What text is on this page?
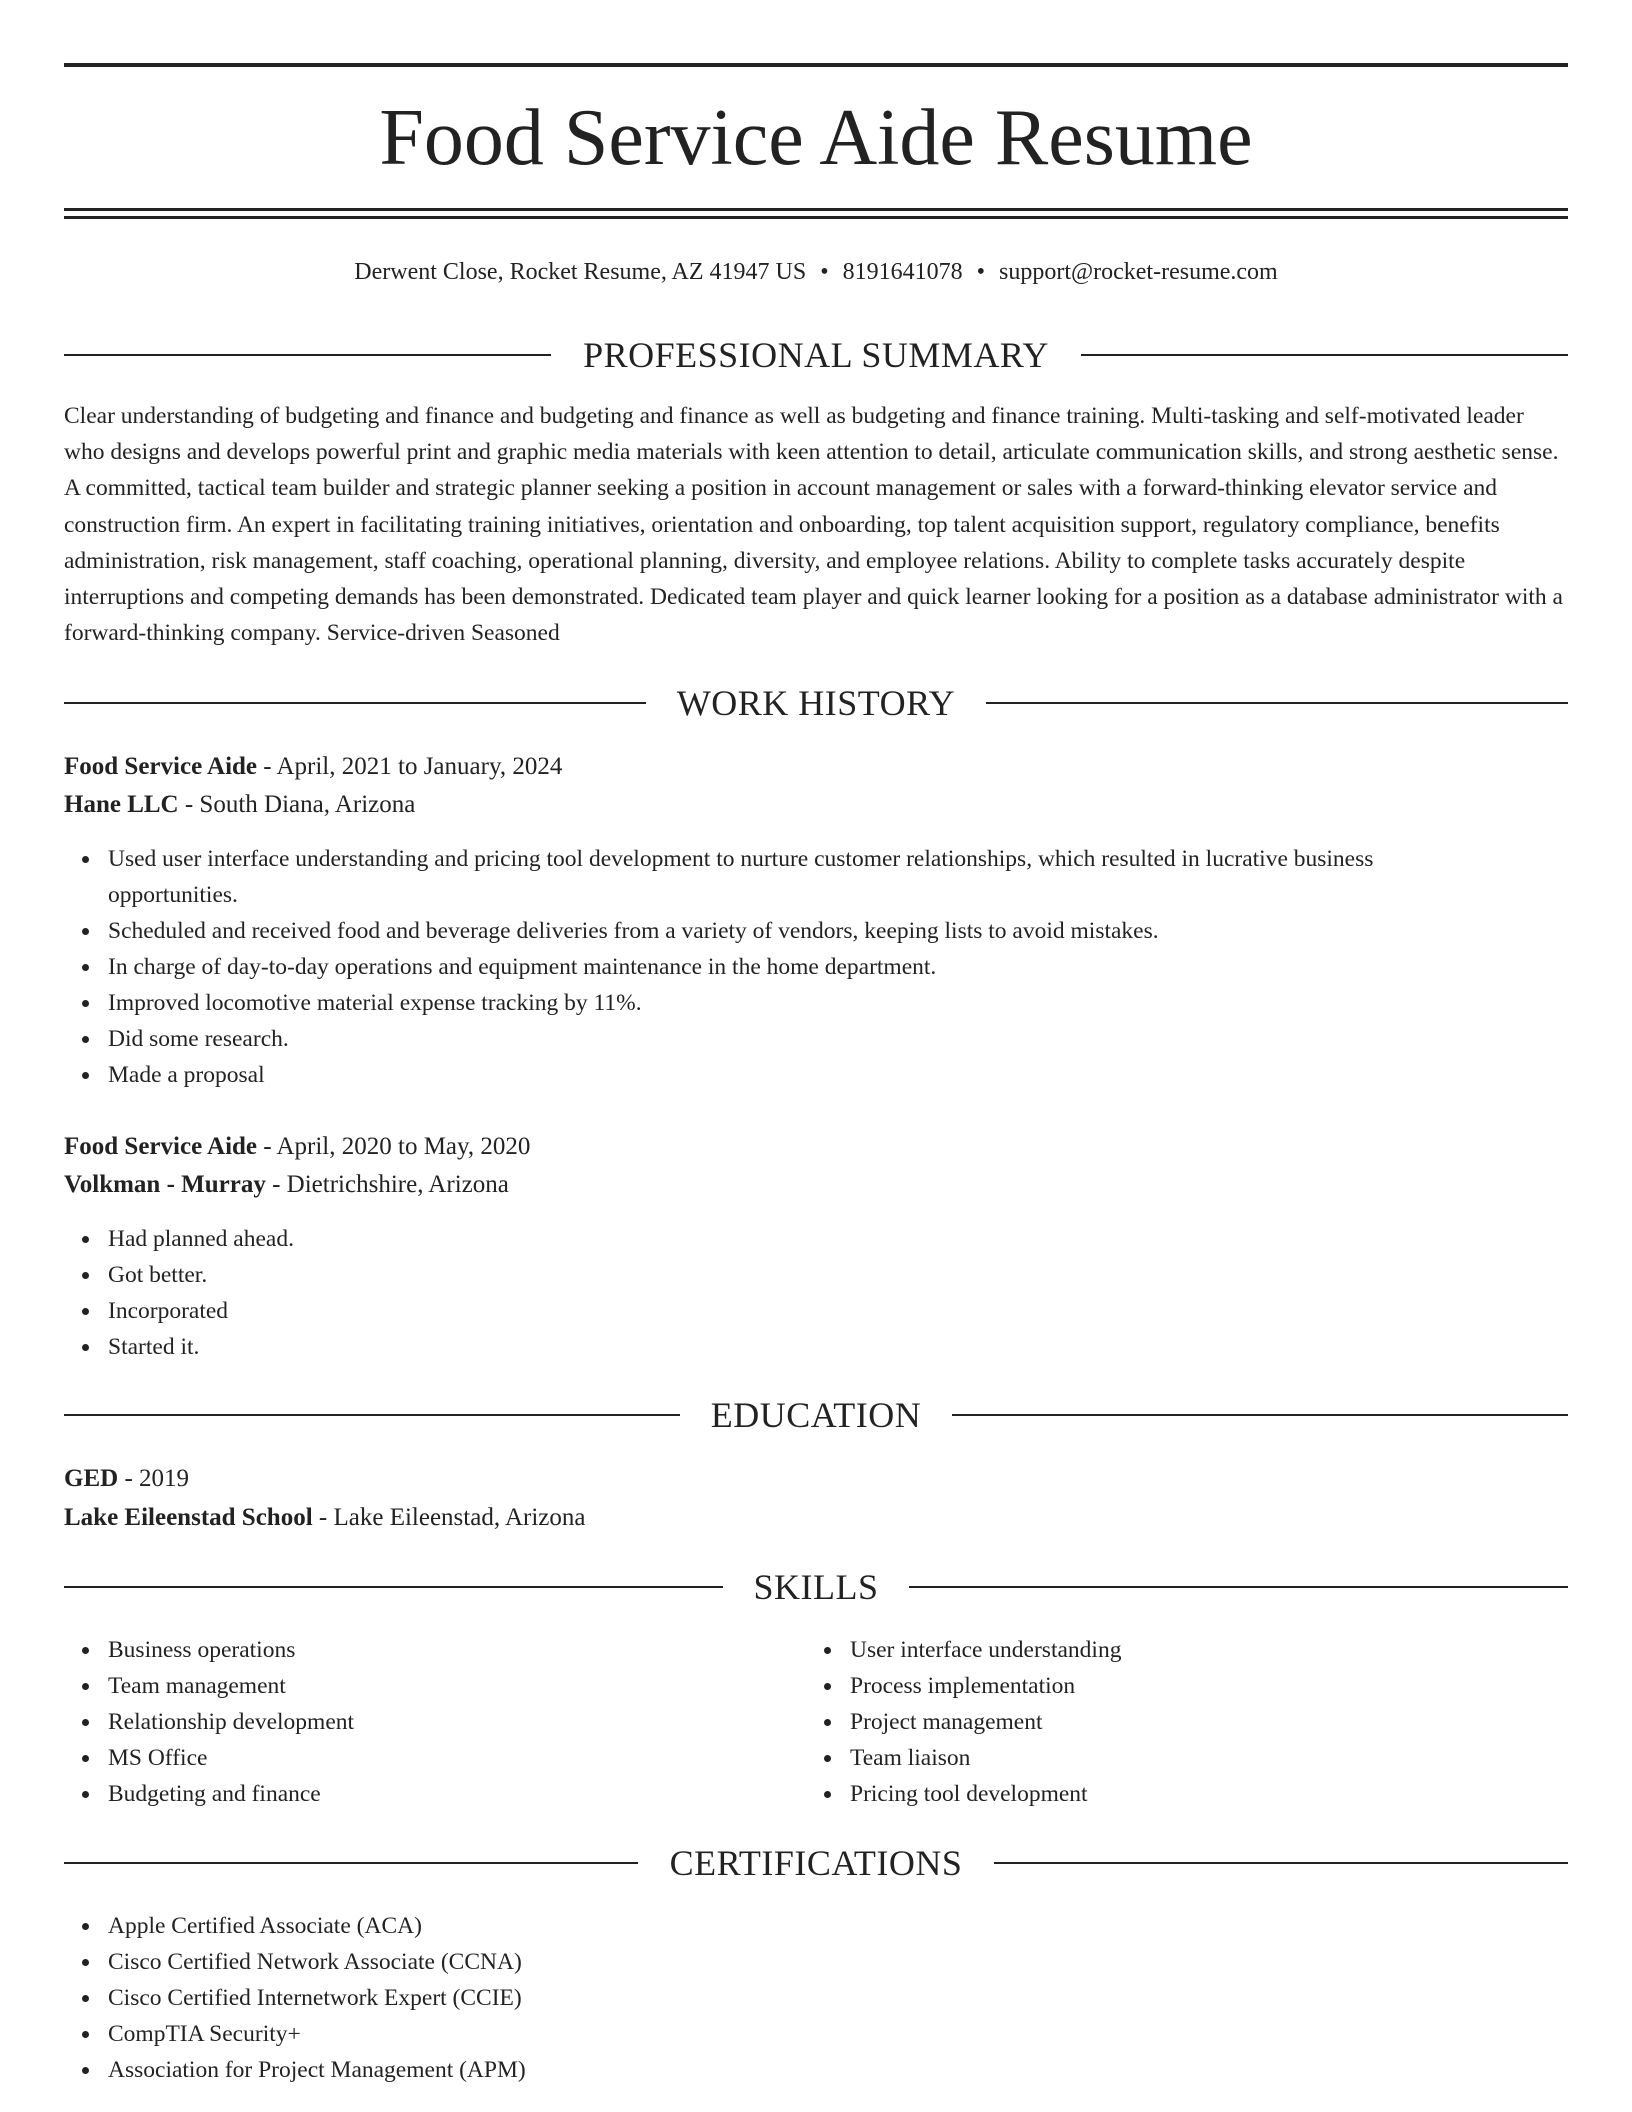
Food Service Aide Resume
Derwent Close, Rocket Resume, AZ 41947 US • 8191641078 • support@rocket-resume.com
PROFESSIONAL SUMMARY
Clear understanding of budgeting and finance and budgeting and finance as well as budgeting and finance training. Multi-tasking and self-motivated leader who designs and develops powerful print and graphic media materials with keen attention to detail, articulate communication skills, and strong aesthetic sense. A committed, tactical team builder and strategic planner seeking a position in account management or sales with a forward-thinking elevator service and construction firm. An expert in facilitating training initiatives, orientation and onboarding, top talent acquisition support, regulatory compliance, benefits administration, risk management, staff coaching, operational planning, diversity, and employee relations. Ability to complete tasks accurately despite interruptions and competing demands has been demonstrated. Dedicated team player and quick learner looking for a position as a database administrator with a forward-thinking company. Service-driven Seasoned
WORK HISTORY
Food Service Aide - April, 2021 to January, 2024
Hane LLC - South Diana, Arizona
Used user interface understanding and pricing tool development to nurture customer relationships, which resulted in lucrative business opportunities.
Scheduled and received food and beverage deliveries from a variety of vendors, keeping lists to avoid mistakes.
In charge of day-to-day operations and equipment maintenance in the home department.
Improved locomotive material expense tracking by 11%.
Did some research.
Made a proposal
Food Service Aide - April, 2020 to May, 2020
Volkman - Murray - Dietrichshire, Arizona
Had planned ahead.
Got better.
Incorporated
Started it.
EDUCATION
GED - 2019
Lake Eileenstad School - Lake Eileenstad, Arizona
SKILLS
Business operations
Team management
Relationship development
MS Office
Budgeting and finance
User interface understanding
Process implementation
Project management
Team liaison
Pricing tool development
CERTIFICATIONS
Apple Certified Associate (ACA)
Cisco Certified Network Associate (CCNA)
Cisco Certified Internetwork Expert (CCIE)
CompTIA Security+
Association for Project Management (APM)
